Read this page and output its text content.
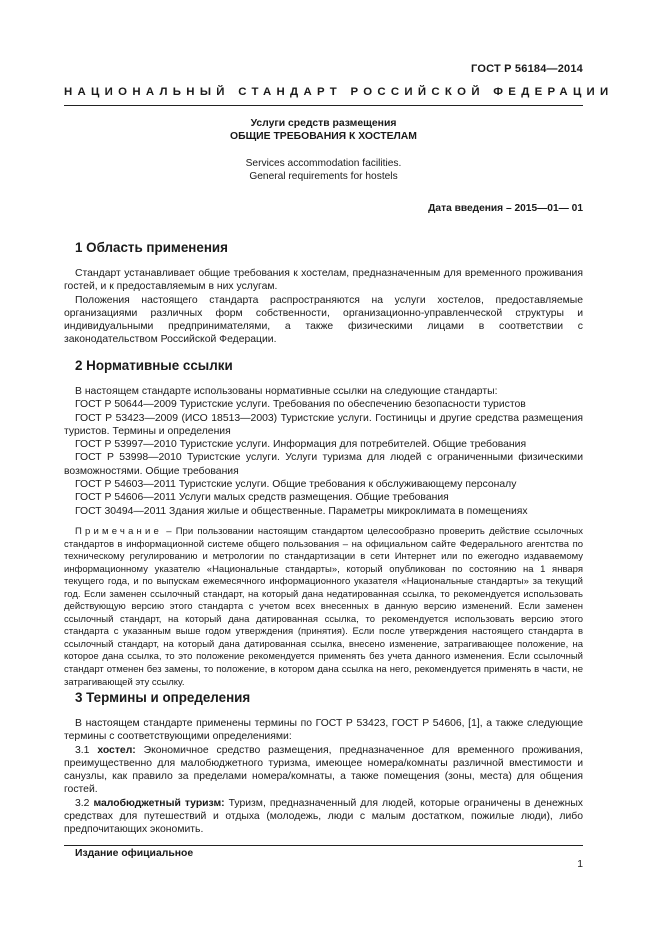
ГОСТ Р 56184—2014
НАЦИОНАЛЬНЫЙ СТАНДАРТ РОССИЙСКОЙ ФЕДЕРАЦИИ
Услуги средств размещения
ОБЩИЕ ТРЕБОВАНИЯ К ХОСТЕЛАМ
Services accommodation facilities.
General requirements for hostels
Дата введения – 2015—01— 01
1 Область применения

Стандарт устанавливает общие требования к хостелам, предназначенным для временного проживания гостей, и к предоставляемым в них услугам.

Положения настоящего стандарта распространяются на услуги хостелов, предоставляемые организациями различных форм собственности, организационно-управленческой структуры и индивидуальными предпринимателями, а также физическими лицами в соответствии с законодательством Российской Федерации.

2 Нормативные ссылки

В настоящем стандарте использованы нормативные ссылки на следующие стандарты:

ГОСТ Р 50644—2009 Туристские услуги. Требования по обеспечению безопасности туристов

ГОСТ Р 53423—2009 (ИСО 18513—2003) Туристские услуги. Гостиницы и другие средства размещения туристов. Термины и определения

ГОСТ Р 53997—2010 Туристские услуги. Информация для потребителей. Общие требования

ГОСТ Р 53998—2010 Туристские услуги. Услуги туризма для людей с ограниченными физическими возможностями. Общие требования

ГОСТ Р 54603—2011 Туристские услуги. Общие требования к обслуживающему персоналу

ГОСТ Р 54606—2011 Услуги малых средств размещения. Общие требования

ГОСТ 30494—2011 Здания жилые и общественные. Параметры микроклимата в помещениях

Примечание – При пользовании настоящим стандартом целесообразно проверить действие ссылочных стандартов в информационной системе общего пользования – на официальном сайте Федерального агентства по техническому регулированию и метрологии по стандартизации в сети Интернет или по ежегодно издаваемому информационному указателю «Национальные стандарты», который опубликован по состоянию на 1 января текущего года, и по выпускам ежемесячного информационного указателя «Национальные стандарты» за текущий год. Если заменен ссылочный стандарт, на который дана недатированная ссылка, то рекомендуется использовать действующую версию этого стандарта с учетом всех внесенных в данную версию изменений. Если заменен ссылочный стандарт, на который дана датированная ссылка, то рекомендуется использовать версию этого стандарта с указанным выше годом утверждения (принятия). Если после утверждения настоящего стандарта в ссылочный стандарт, на который дана датированная ссылка, внесено изменение, затрагивающее положение, на которое дана ссылка, то это положение рекомендуется применять без учета данного изменения. Если ссылочный стандарт отменен без замены, то положение, в котором дана ссылка на него, рекомендуется применять в части, не затрагивающей эту ссылку.

3 Термины и определения

В настоящем стандарте применены термины по ГОСТ Р 53423, ГОСТ Р 54606, [1], а также следующие термины с соответствующими определениями:

3.1 хостел: Экономичное средство размещения, предназначенное для временного проживания, преимущественно для малобюджетного туризма, имеющее номера/комнаты различной вместимости и санузлы, как правило за пределами номера/комнаты, а также помещения (зоны, места) для общения гостей.

3.2 малобюджетный туризм: Туризм, предназначенный для людей, которые ограничены в денежных средствах для путешествий и отдыха (молодежь, люди с малым достатком, пожилые люди), либо предпочитающих экономить.

Издание официальное
1
